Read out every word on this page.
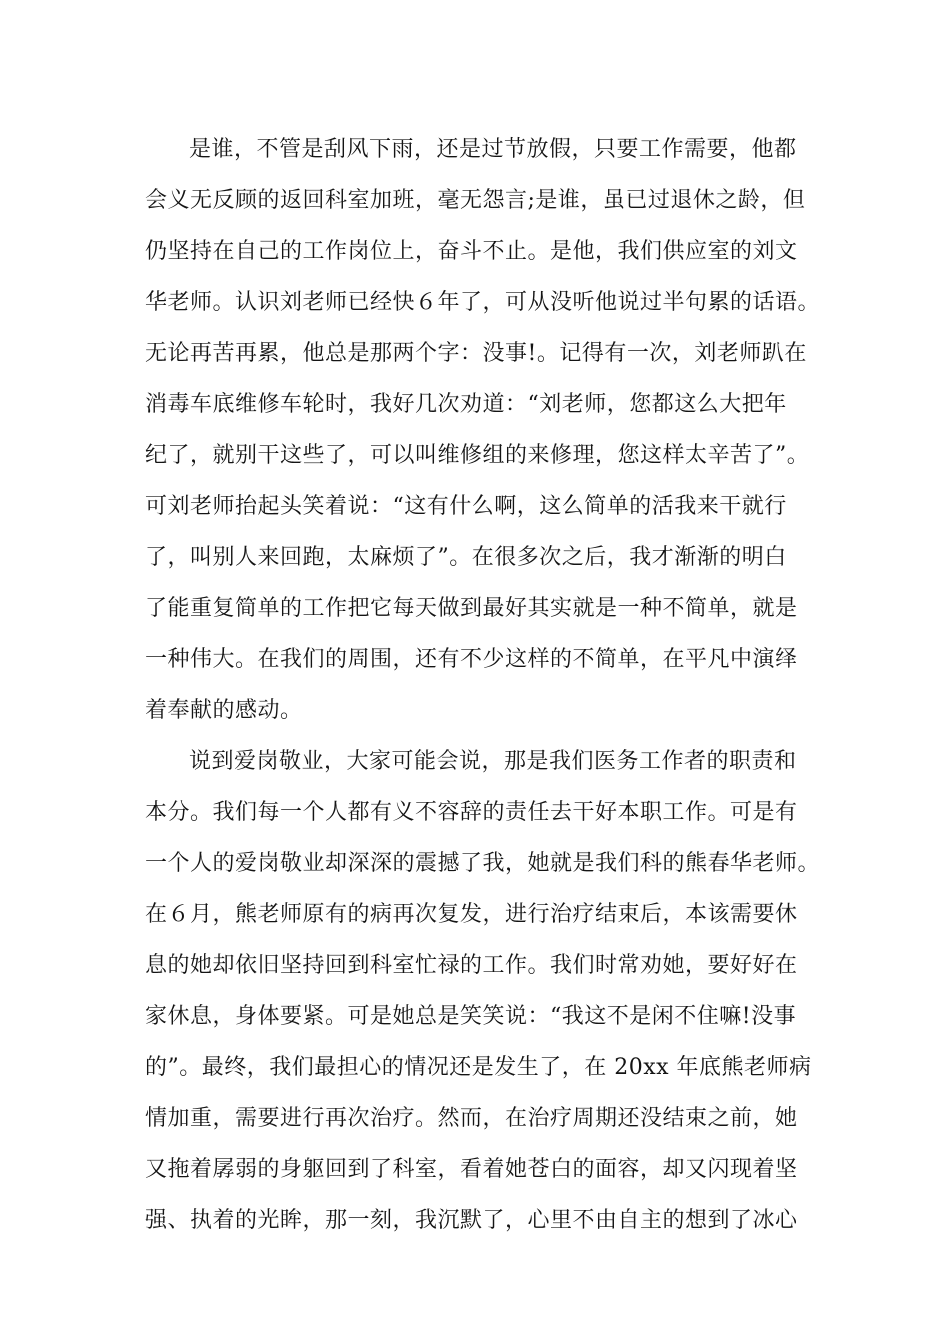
是谁，不管是刮风下雨，还是过节放假，只要工作需要，他都
会义无反顾的返回科室加班，毫无怨言;是谁，虽已过退休之龄，但
仍坚持在自己的工作岗位上，奋斗不止。是他，我们供应室的刘文
华老师。认识刘老师已经快６年了，可从没听他说过半句累的话语。
无论再苦再累，他总是那两个字：没事!。记得有一次，刘老师趴在
消毒车底维修车轮时，我好几次劝道：“刘老师，您都这么大把年
纪了，就别干这些了，可以叫维修组的来修理，您这样太辛苦了”。
可刘老师抬起头笑着说：“这有什么啊，这么简单的活我来干就行
了，叫别人来回跑，太麻烦了”。在很多次之后，我才渐渐的明白
了能重复简单的工作把它每天做到最好其实就是一种不简单，就是
一种伟大。在我们的周围，还有不少这样的不简单，在平凡中演绎
着奉献的感动。
说到爱岗敬业，大家可能会说，那是我们医务工作者的职责和
本分。我们每一个人都有义不容辞的责任去干好本职工作。可是有
一个人的爱岗敬业却深深的震撼了我，她就是我们科的熊春华老师。
在６月，熊老师原有的病再次复发，进行治疗结束后，本该需要休
息的她却依旧坚持回到科室忙禄的工作。我们时常劝她，要好好在
家休息，身体要紧。可是她总是笑笑说：“我这不是闲不住嘛!没事
的”。最终，我们最担心的情况还是发生了，在 20xx 年底熊老师病
情加重，需要进行再次治疗。然而，在治疗周期还没结束之前，她
又拖着孱弱的身躯回到了科室，看着她苍白的面容，却又闪现着坚
强、执着的光眸，那一刻，我沉默了，心里不由自主的想到了冰心
